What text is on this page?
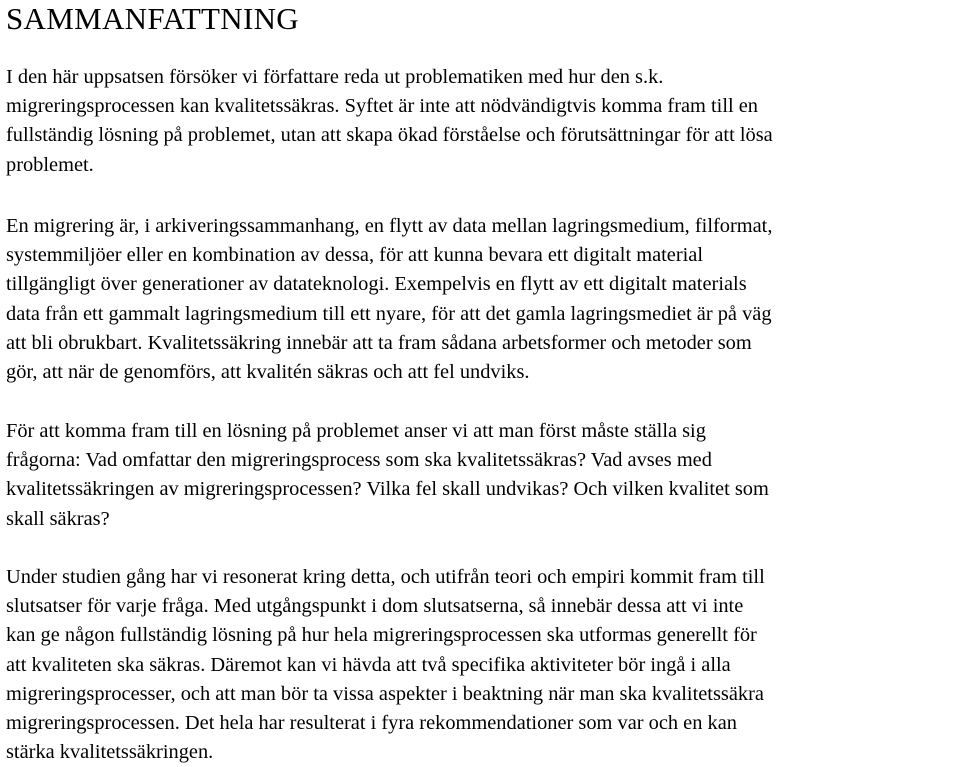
SAMMANFATTNING

I den här uppsatsen försöker vi författare reda ut problematiken med hur den s.k.
migreringsprocessen kan kvalitetssäkras. Syftet är inte att nödvändigtvis komma fram till en
fullständig lösning på problemet, utan att skapa ökad förståelse och förutsättningar för att lösa
problemet.

En migrering är, i arkiveringssammanhang, en flytt av data mellan lagringsmedium, filformat,
systemmiljöer eller en kombination av dessa, för att kunna bevara ett digitalt material
tillgängligt över generationer av datateknologi. Exempelvis en flytt av ett digitalt materials
data från ett gammalt lagringsmedium till ett nyare, för att det gamla lagringsmediet är på väg
att bli obrukbart. Kvalitetssäkring innebär att ta fram sådana arbetsformer och metoder som
gör, att när de genomförs, att kvalitén säkras och att fel undviks.

För att komma fram till en lösning på problemet anser vi att man först måste ställa sig
frågorna: Vad omfattar den migreringsprocess som ska kvalitetssäkras? Vad avses med
kvalitetssäkringen av migreringsprocessen? Vilka fel skall undvikas? Och vilken kvalitet som
skall säkras?

Under studien gång har vi resonerat kring detta, och utifrån teori och empiri kommit fram till
slutsatser för varje fråga. Med utgångspunkt i dom slutsatserna, så innebär dessa att vi inte
kan ge någon fullständig lösning på hur hela migreringsprocessen ska utformas generellt för
att kvaliteten ska säkras. Däremot kan vi hävda att två specifika aktiviteter bör ingå i alla
migreringsprocesser, och att man bör ta vissa aspekter i beaktning när man ska kvalitetssäkra
migreringsprocessen. Det hela har resulterat i fyra rekommendationer som var och en kan
stärka kvalitetssäkringen.
